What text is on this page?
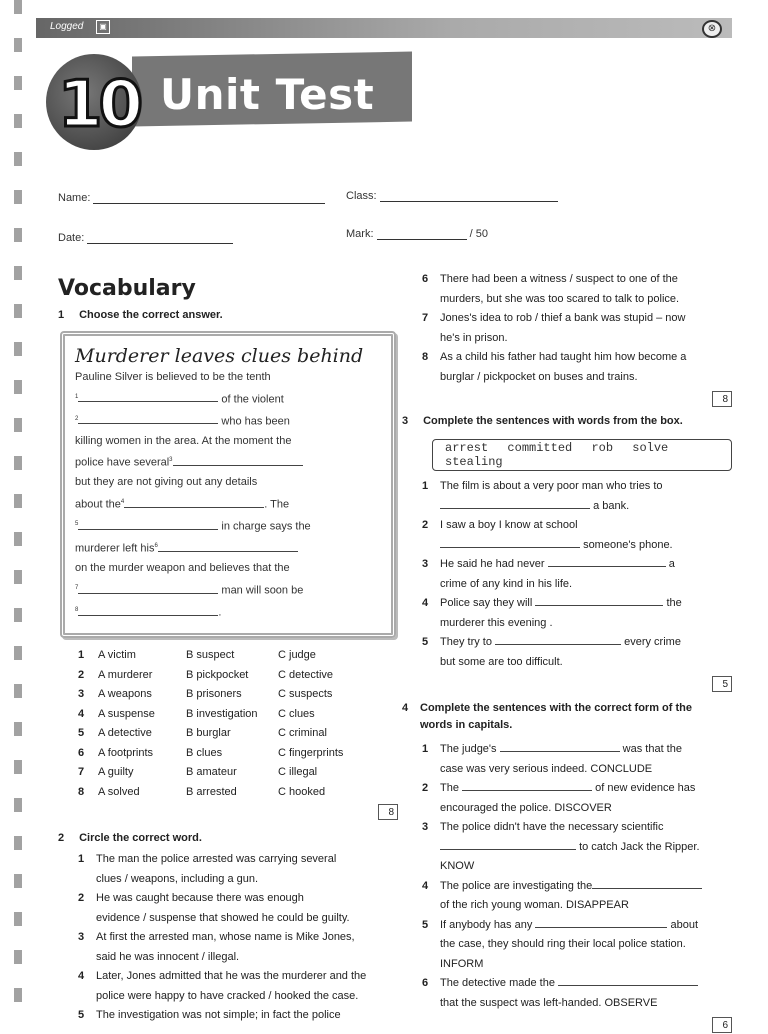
Logged	▣	⊗
10 Unit Test
Name:	Class:
Date:	Mark:	/ 50
Vocabulary
1 Choose the correct answer.
Murderer leaves clues behind
Pauline Silver is believed to be the tenth
$^1$	of the violent
$^2$	who has been
killing women in the area. At the moment the
police have several$^3$
but they are not giving out any details
about the$^4$	. The
$^5$	in charge says the
murderer left his$^6$
on the murder weapon and believes that the
$^7$	man will soon be
$^8$	.
1	A victim	B suspect	C judge
2	A murderer	B pickpocket	C detective
3	A weapons	B prisoners	C suspects
4	A suspense	B investigation	C clues
5	A detective	B burglar	C criminal
6	A footprints	B clues	C fingerprints
7	A guilty	B amateur	C illegal
8	A solved	B arrested	C hooked
8
2 Circle the correct word.
1 The man the police arrested was carrying several
clues / weapons, including a gun.
2 He was caught because there was enough
evidence / suspense that showed he could be guilty.
3 At first the arrested man, whose name is Mike Jones,
said he was innocent / illegal.
4 Later, Jones admitted that he was the murderer and the
police were happy to have cracked / hooked the case.
5 The investigation was not simple; in fact the police
6 There had been a witness / suspect to one of the
murders, but she was too scared to talk to police.
7 Jones's idea to rob / thief a bank was stupid – now
he's in prison.
8 As a child his father had taught him how become a
burglar / pickpocket on buses and trains.
8
3 Complete the sentences with words from the box.
arrest committed rob solve stealing
1 The film is about a very poor man who tries to
a bank.
2 I saw a boy I know at school
someone's phone.
3 He said he had never	a
crime of any kind in his life.
4 Police say they will	the
murderer this evening .
5 They try to	every crime
but some are too difficult.
5
4 Complete the sentences with the correct form of the
words in capitals.
1 The judge's	was that the
case was very serious indeed. CONCLUDE
2 The	of new evidence has
encouraged the police. DISCOVER
3 The police didn't have the necessary scientific
to catch Jack the Ripper.
KNOW
4 The police are investigating the
of the rich young woman. DISAPPEAR
5 If anybody has any	about
the case, they should ring their local police station.
INFORM
6 The detective made the
that the suspect was left-handed. OBSERVE
6
